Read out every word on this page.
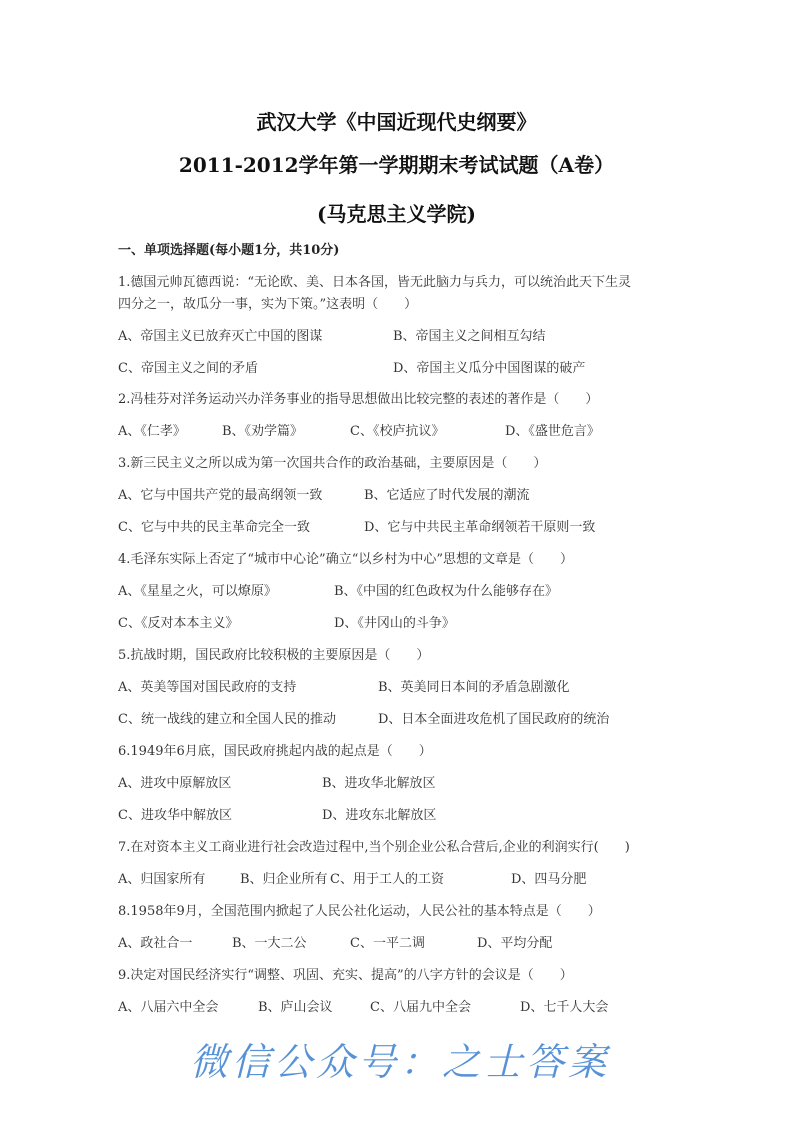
武汉大学《中国近现代史纲要》
2011-2012学年第一学期期末考试试题（A卷）
(马克思主义学院)
一、单项选择题(每小题1分，共10分)
1.德国元帅瓦德西说：“无论欧、美、日本各国，皆无此脑力与兵力，可以统治此天下生灵
四分之一，故瓜分一事，实为下策。”这表明（　　）
A、帝国主义已放弃灭亡中国的图谋	B、帝国主义之间相互勾结
C、帝国主义之间的矛盾	D、帝国主义瓜分中国图谋的破产
2.冯桂芬对洋务运动兴办洋务事业的指导思想做出比较完整的表述的著作是（　　）
A、《仁孝》	B、《劝学篇》	C、《校庐抗议》	D、《盛世危言》
3.新三民主义之所以成为第一次国共合作的政治基础，主要原因是（　　）
A、它与中国共产党的最高纲领一致	B、它适应了时代发展的潮流
C、它与中共的民主革命完全一致	D、它与中共民主革命纲领若干原则一致
4.毛泽东实际上否定了“城市中心论”确立“以乡村为中心”思想的文章是（　　）
A、《星星之火，可以燎原》	B、《中国的红色政权为什么能够存在》
C、《反对本本主义》	D、《井冈山的斗争》
5.抗战时期，国民政府比较积极的主要原因是（　　）
A、英美等国对国民政府的支持	B、英美同日本间的矛盾急剧激化
C、统一战线的建立和全国人民的推动	D、日本全面进攻危机了国民政府的统治
6.1949年6月底，国民政府挑起内战的起点是（　　）
A、进攻中原解放区	B、进攻华北解放区
C、进攻华中解放区	D、进攻东北解放区
7.在对资本主义工商业进行社会改造过程中,当个别企业公私合营后,企业的利润实行(　　)
A、归国家所有	B、归企业所有 C、用于工人的工资	D、四马分肥
8.1958年9月，全国范围内掀起了人民公社化运动，人民公社的基本特点是（　　）
A、政社合一	B、一大二公	C、一平二调	D、平均分配
9.决定对国民经济实行“调整、巩固、充实、提高”的八字方针的会议是（　　）
A、八届六中全会	B、庐山会议	C、八届九中全会	D、七千人大会
微信公众号：之士答案
